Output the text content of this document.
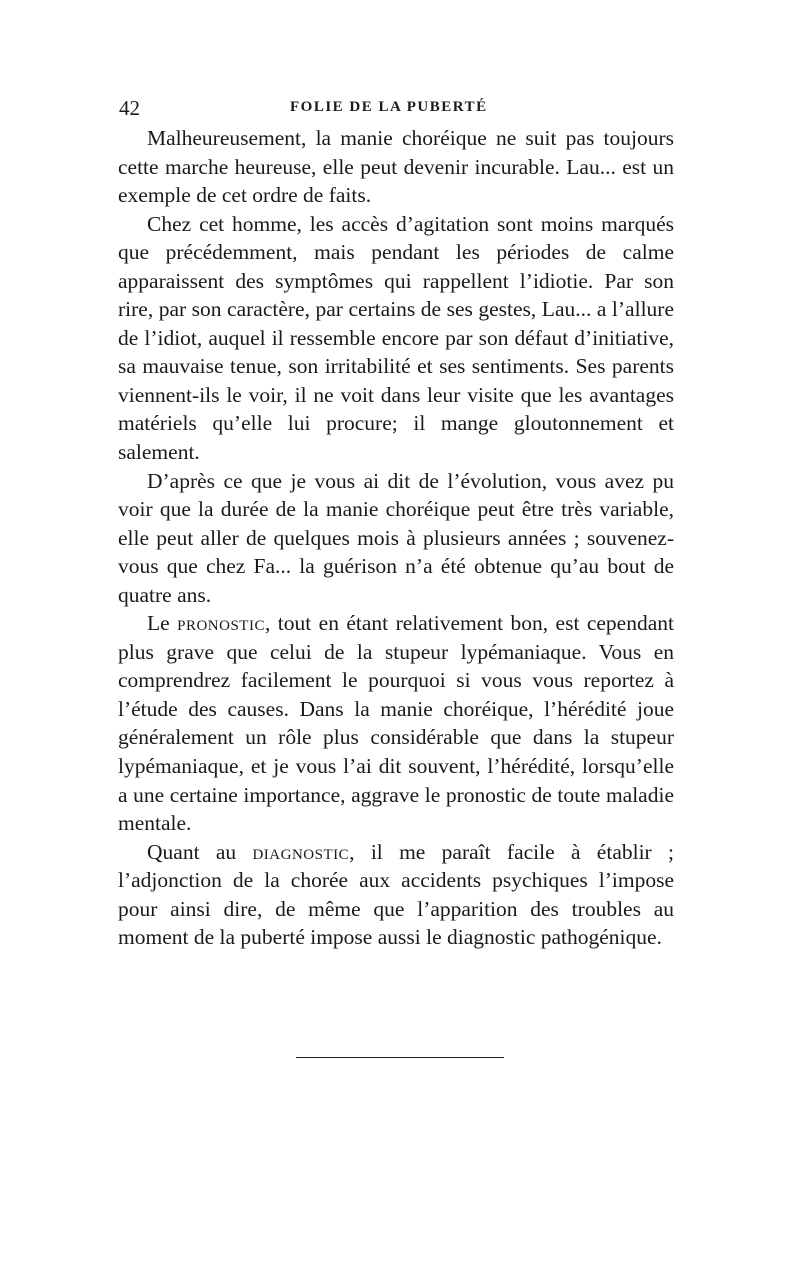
42	FOLIE DE LA PUBERTÉ

Malheureusement, la manie choréique ne suit pas toujours cette marche heureuse, elle peut devenir incurable. Lau... est un exemple de cet ordre de faits.

Chez cet homme, les accès d’agitation sont moins marqués que précédemment, mais pendant les périodes de calme apparaissent des symptômes qui rappellent l’idiotie. Par son rire, par son caractère, par certains de ses gestes, Lau... a l’allure de l’idiot, auquel il ressemble encore par son défaut d’initiative, sa mauvaise tenue, son irritabilité et ses sentiments. Ses parents viennent-ils le voir, il ne voit dans leur visite que les avantages matériels qu’elle lui procure; il mange gloutonnement et salement.

D’après ce que je vous ai dit de l’évolution, vous avez pu voir que la durée de la manie choréique peut être très variable, elle peut aller de quelques mois à plusieurs années ; souvenez-vous que chez Fa... la guérison n’a été obtenue qu’au bout de quatre ans.

Le pronostic, tout en étant relativement bon, est cependant plus grave que celui de la stupeur lypémaniaque. Vous en comprendrez facilement le pourquoi si vous vous reportez à l’étude des causes. Dans la manie choréique, l’hérédité joue généralement un rôle plus considérable que dans la stupeur lypémaniaque, et je vous l’ai dit souvent, l’hérédité, lorsqu’elle a une certaine importance, aggrave le pronostic de toute maladie mentale.

Quant au diagnostic, il me paraît facile à établir ; l’adjonction de la chorée aux accidents psychiques l’impose pour ainsi dire, de même que l’apparition des troubles au moment de la puberté impose aussi le diagnostic pathogénique.
